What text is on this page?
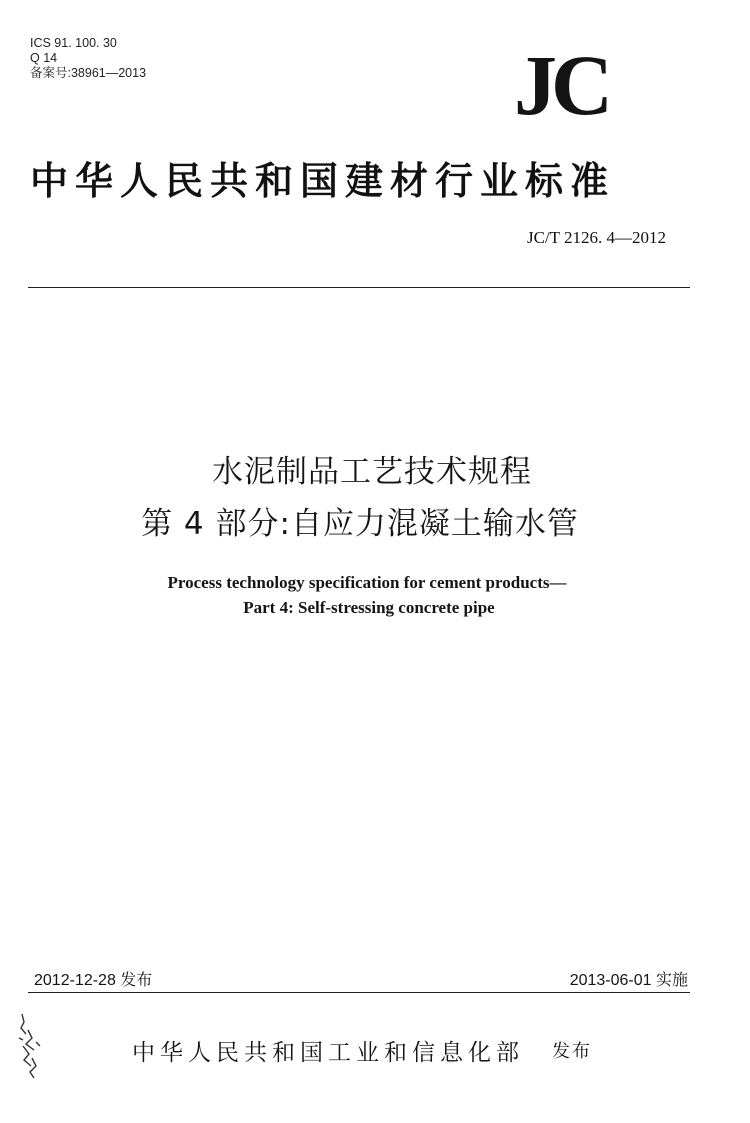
ICS 91. 100. 30
Q 14
备案号:38961—2013	JC
中华人民共和国建材行业标准
JC/T 2126. 4—2012
水泥制品工艺技术规程
第 4 部分:自应力混凝土输水管
Process technology specification for cement products—
Part 4: Self-stressing concrete pipe
2012-12-28 发布	2013-06-01 实施
中华人民共和国工业和信息化部 发布
